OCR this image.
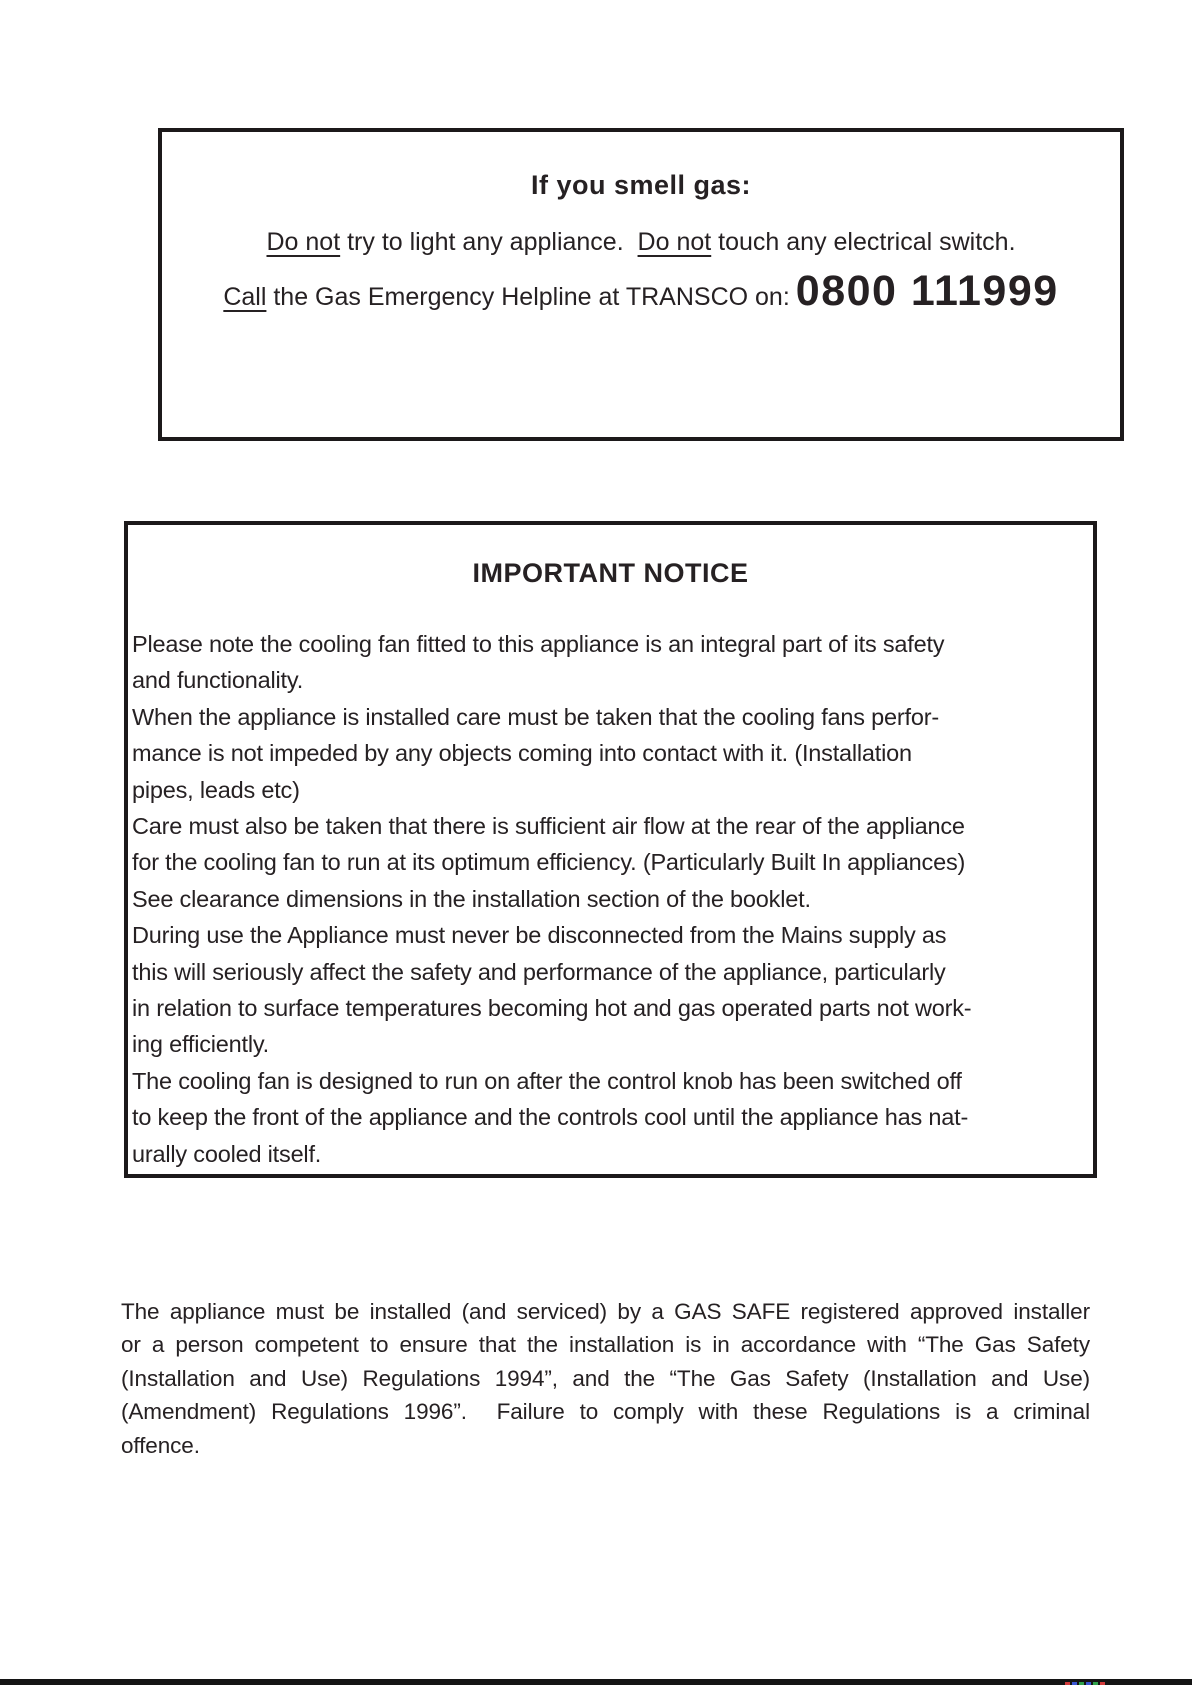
If you smell gas:
Do not try to light any appliance.  Do not touch any electrical switch.
Call the Gas Emergency Helpline at TRANSCO on: 0800 111999
IMPORTANT NOTICE
Please note the cooling fan fitted to this appliance is an integral part of its safety
and functionality.
When the appliance is installed care must be taken that the cooling fans perfor-
mance is not impeded by any objects coming into contact with it. (Installation
pipes, leads etc)
Care must also be taken that there is sufficient air flow at the rear of the appliance
for the cooling fan to run at its optimum efficiency. (Particularly Built In appliances)
See clearance dimensions in the installation section of the booklet.
During use the Appliance must never be disconnected from the Mains supply as
this will seriously affect the safety and performance of the appliance, particularly
in relation to surface temperatures becoming hot and gas operated parts not work-
ing efficiently.
The cooling fan is designed to run on after the control knob has been switched off
to keep the front of the appliance and the controls cool until the appliance has nat-
urally cooled itself.
The appliance must be installed (and serviced) by a GAS SAFE registered approved installer
or a person competent to ensure that the installation is in accordance with “The Gas Safety
(Installation and Use) Regulations 1994”, and the “The Gas Safety (Installation and Use)
(Amendment) Regulations 1996”.  Failure to comply with these Regulations is a criminal
offence.
